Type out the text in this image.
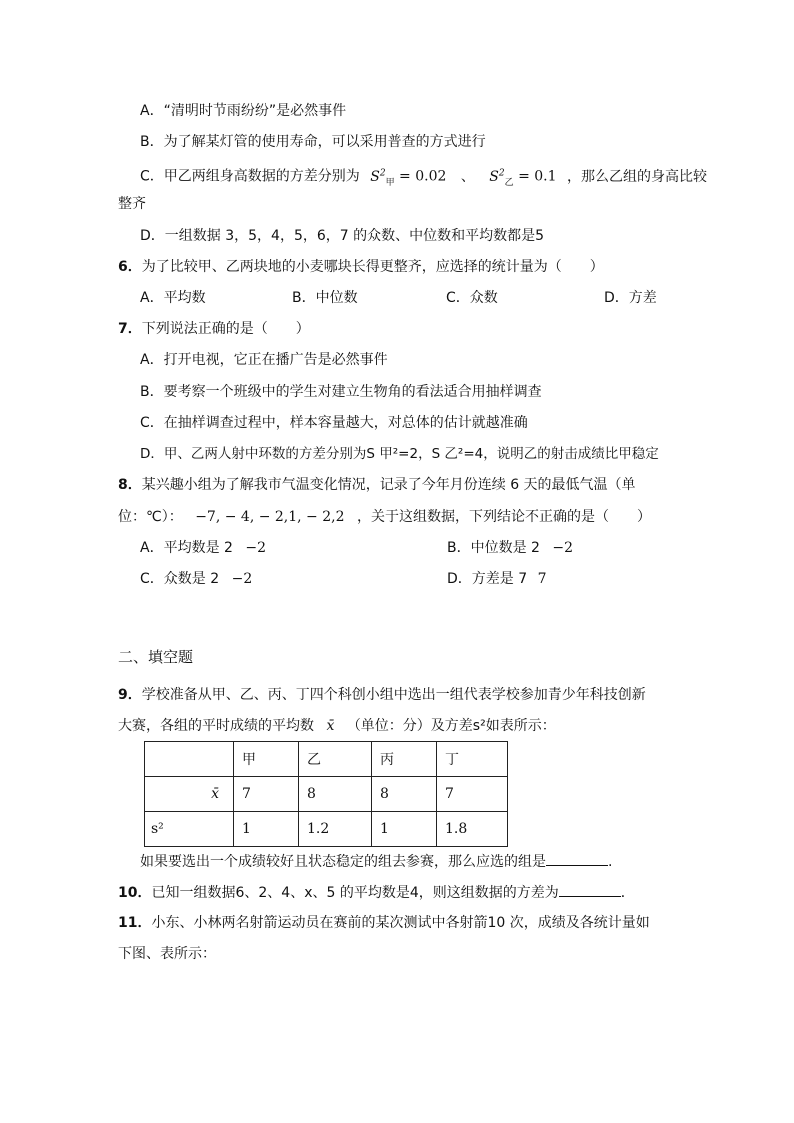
A．“清明时节雨纷纷”是必然事件
B．为了解某灯管的使用寿命，可以采用普查的方式进行
C．甲乙两组身高数据的方差分别为 $S^2_甲 = 0.02$ 、 $S^2_乙 = 0.1$ ，那么乙组的身高比较
整齐
D．一组数据 3，5，4，5，6，7 的众数、中位数和平均数都是5
6．为了比较甲、乙两块地的小麦哪块长得更整齐，应选择的统计量为（　　）
A．平均数	B．中位数	C．众数	D．方差
7．下列说法正确的是（　　）
A．打开电视，它正在播广告是必然事件
B．要考察一个班级中的学生对建立生物角的看法适合用抽样调查
C．在抽样调查过程中，样本容量越大，对总体的估计就越准确
D．甲、乙两人射中环数的方差分别为S 甲²=2，S 乙²=4，说明乙的射击成绩比甲稳定
8．某兴趣小组为了解我市气温变化情况，记录了今年月份连续 6 天的最低气温（单
位：℃）： −7, − 4, − 2,1, − 2,2 ，关于这组数据，下列结论不正确的是（　　）
A．平均数是 2 −2	B．中位数是 2 −2
C．众数是 2 −2	D．方差是 7 7
二、填空题
9．学校准备从甲、乙、丙、丁四个科创小组中选出一组代表学校参加青少年科技创新
大赛，各组的平时成绩的平均数 x̄ （单位：分）及方差s²如表所示：
	甲	乙	丙	丁
x̄	7	8	8	7
s²	1	1.2	1	1.8
如果要选出一个成绩较好且状态稳定的组去参赛，那么应选的组是	.
10．已知一组数据6、2、4、x、5 的平均数是4，则这组数据的方差为	．
11．小东、小林两名射箭运动员在赛前的某次测试中各射箭10 次，成绩及各统计量如
下图、表所示：
